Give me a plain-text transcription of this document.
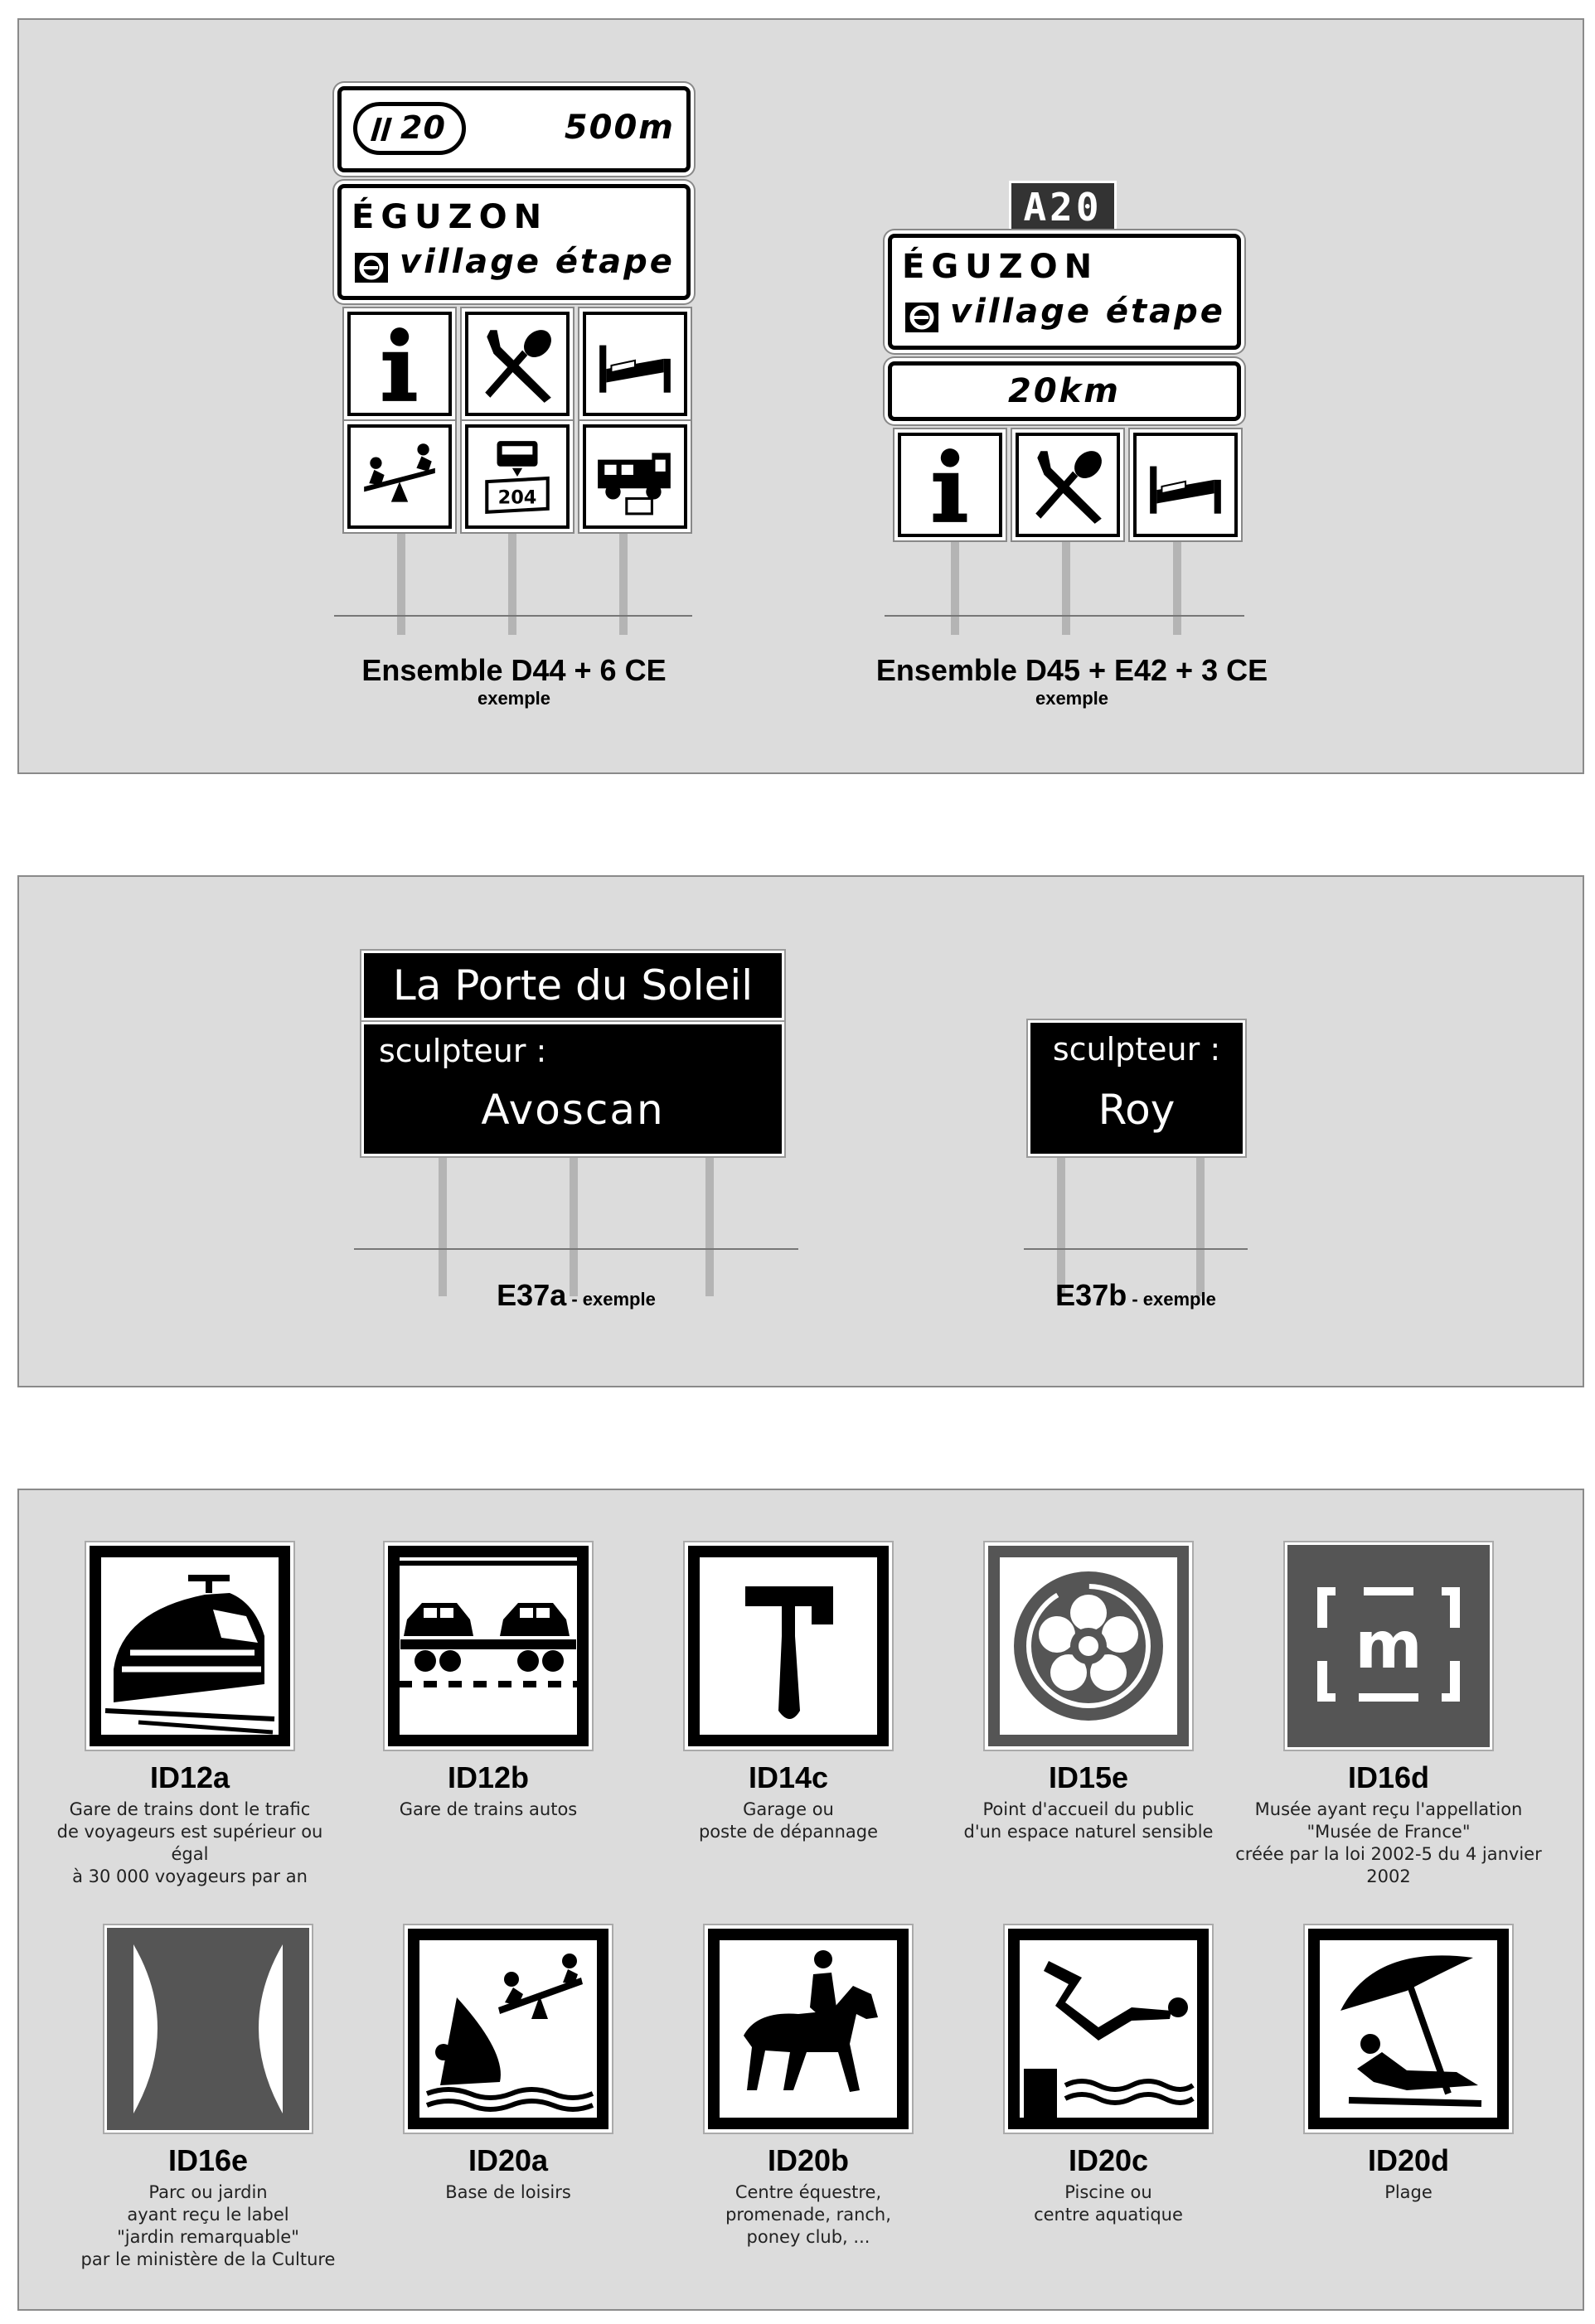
20	500m
ÉGUZON
village étape
204
Ensemble D44 + 6 CE
exemple
A20
ÉGUZON
village étape
20km
Ensemble D45 + E42 + 3 CE
exemple
La Porte du Soleil
sculpteur :
Avoscan
E37a - exemple
sculpteur :
Roy
E37b - exemple
ID12a
Gare de trains dont le trafic
de voyageurs est supérieur ou égal
à 30 000 voyageurs par an
ID12b
Gare de trains autos
ID14c
Garage ou
poste de dépannage
ID15e
Point d'accueil du public
d'un espace naturel sensible
m
ID16d
Musée ayant reçu l'appellation
"Musée de France"
créée par la loi 2002-5 du 4 janvier 2002
ID16e
Parc ou jardin
ayant reçu le label
"jardin remarquable"
par le ministère de la Culture
ID20a
Base de loisirs
ID20b
Centre équestre,
promenade, ranch,
poney club, ...
ID20c
Piscine ou
centre aquatique
ID20d
Plage
